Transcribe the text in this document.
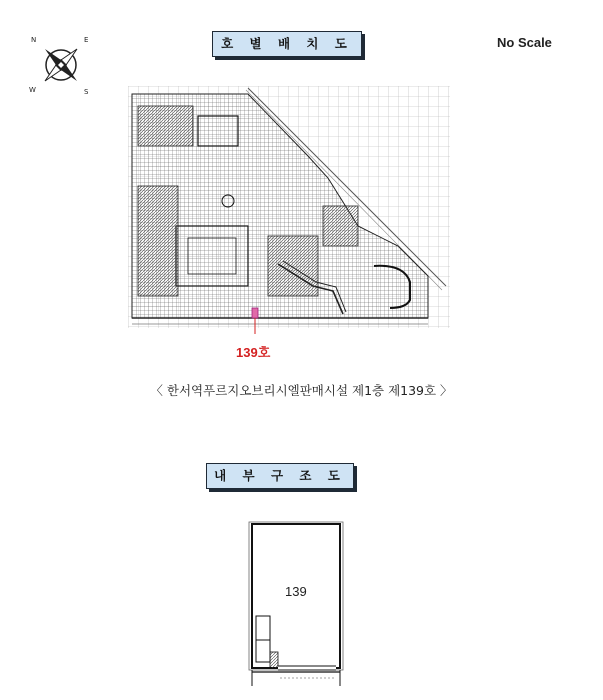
N	E
W	S
호 별 배 치 도	No Scale
139호
〈 한서역푸르지오브리시엘판매시설 제1층 제139호 〉
내 부 구 조 도
139
